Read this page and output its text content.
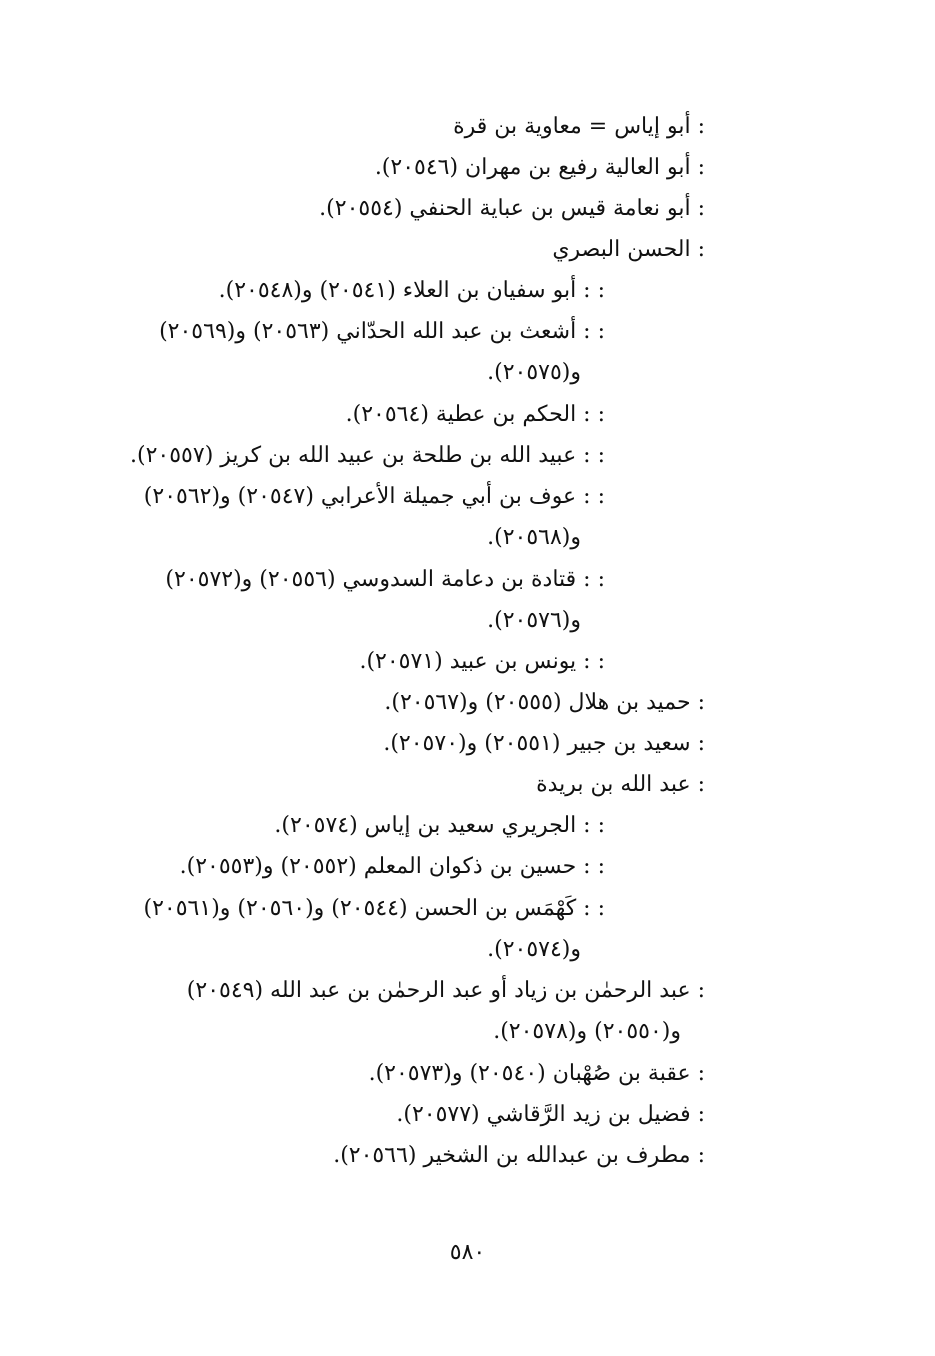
: أبو إياس = معاوية بن قرة
: أبو العالية رفيع بن مهران (٢٠٥٤٦).
: أبو نعامة قيس بن عباية الحنفي (٢٠٥٥٤).
: الحسن البصري
: : أبو سفيان بن العلاء (٢٠٥٤١) و(٢٠٥٤٨).
: : أشعث بن عبد الله الحدّاني (٢٠٥٦٣) و(٢٠٥٦٩)
و(٢٠٥٧٥).
: : الحكم بن عطية (٢٠٥٦٤).
: : عبيد الله بن طلحة بن عبيد الله بن كريز (٢٠٥٥٧).
: : عوف بن أبي جميلة الأعرابي (٢٠٥٤٧) و(٢٠٥٦٢)
و(٢٠٥٦٨).
: : قتادة بن دعامة السدوسي (٢٠٥٥٦) و(٢٠٥٧٢)
و(٢٠٥٧٦).
: : يونس بن عبيد (٢٠٥٧١).
: حميد بن هلال (٢٠٥٥٥) و(٢٠٥٦٧).
: سعيد بن جبير (٢٠٥٥١) و(٢٠٥٧٠).
: عبد الله بن بريدة
: : الجريري سعيد بن إياس (٢٠٥٧٤).
: : حسين بن ذكوان المعلم (٢٠٥٥٢) و(٢٠٥٥٣).
: : كَهْمَس بن الحسن (٢٠٥٤٤) و(٢٠٥٦٠) و(٢٠٥٦١)
و(٢٠٥٧٤).
: عبد الرحمٰن بن زياد أو عبد الرحمٰن بن عبد الله (٢٠٥٤٩)
و(٢٠٥٥٠) و(٢٠٥٧٨).
: عقبة بن صُهْبان (٢٠٥٤٠) و(٢٠٥٧٣).
: فضيل بن زيد الرَّقاشي (٢٠٥٧٧).
: مطرف بن عبدالله بن الشخير (٢٠٥٦٦).
٥٨٠
